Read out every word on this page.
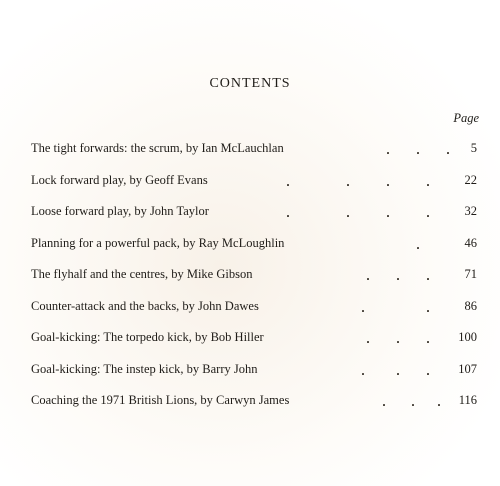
CONTENTS
Page
The tight forwards: the scrum, by Ian McLauchlan	5
Lock forward play, by Geoff Evans	22
Loose forward play, by John Taylor	32
Planning for a powerful pack, by Ray McLoughlin	46
The flyhalf and the centres, by Mike Gibson	71
Counter-attack and the backs, by John Dawes	86
Goal-kicking: The torpedo kick, by Bob Hiller	100
Goal-kicking: The instep kick, by Barry John	107
Coaching the 1971 British Lions, by Carwyn James	116
